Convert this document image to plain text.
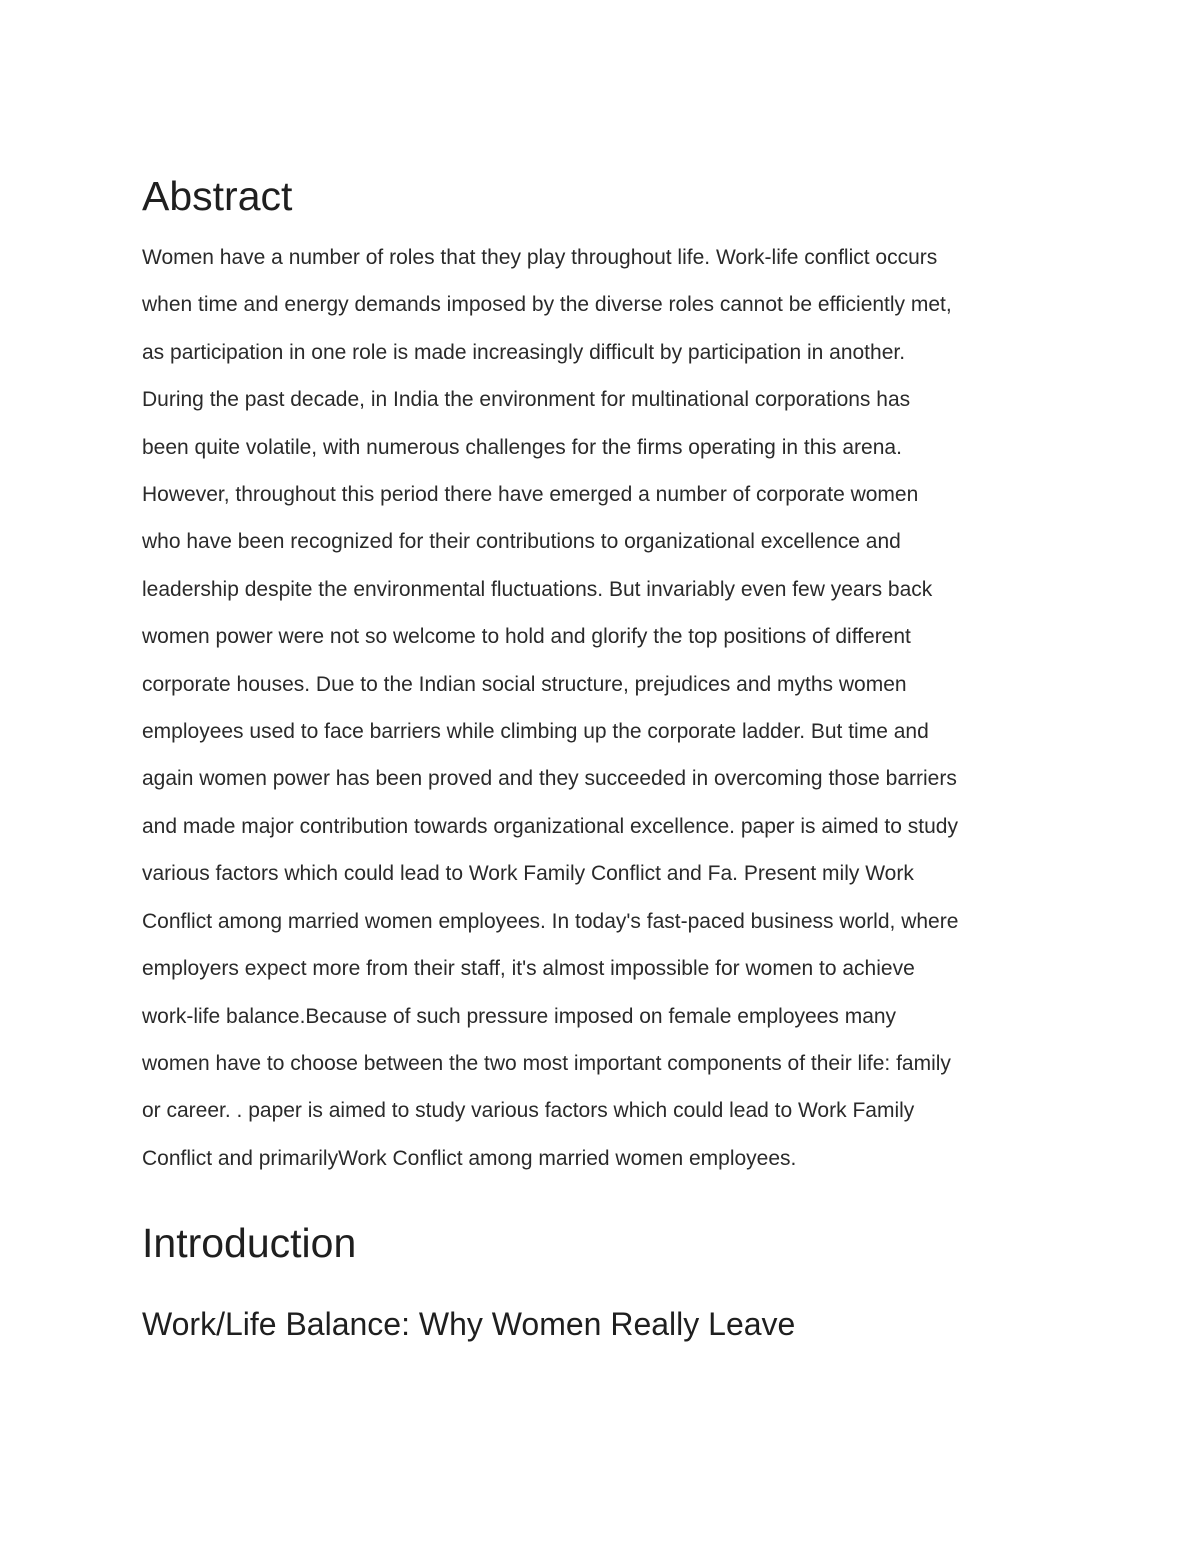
Abstract
Women have a number of roles that they play throughout life. Work-life conflict occurs
when time and energy demands imposed by the diverse roles cannot be efficiently met,
as participation in one role is made increasingly difficult by participation in another.
During the past decade, in India the environment for multinational corporations has
been quite volatile, with numerous challenges for the firms operating in this arena.
However, throughout this period there have emerged a number of corporate women
who have been recognized for their contributions to organizational excellence and
leadership despite the environmental fluctuations. But invariably even few years back
women power were not so welcome to hold and glorify the top positions of different
corporate houses. Due to the Indian social structure, prejudices and myths women
employees used to face barriers while climbing up the corporate ladder. But time and
again women power has been proved and they succeeded in overcoming those barriers
and made major contribution towards organizational excellence. paper is aimed to study
various factors which could lead to Work Family Conflict and Fa. Present mily Work
Conflict among married women employees. In today's fast-paced business world, where
employers expect more from their staff, it's almost impossible for women to achieve
work-life balance.Because of such pressure imposed on female employees many
women have to choose between the two most important components of their life: family
or career. . paper is aimed to study various factors which could lead to Work Family
Conflict and primarilyWork Conflict among married women employees.
Introduction
Work/Life Balance: Why Women Really Leave
